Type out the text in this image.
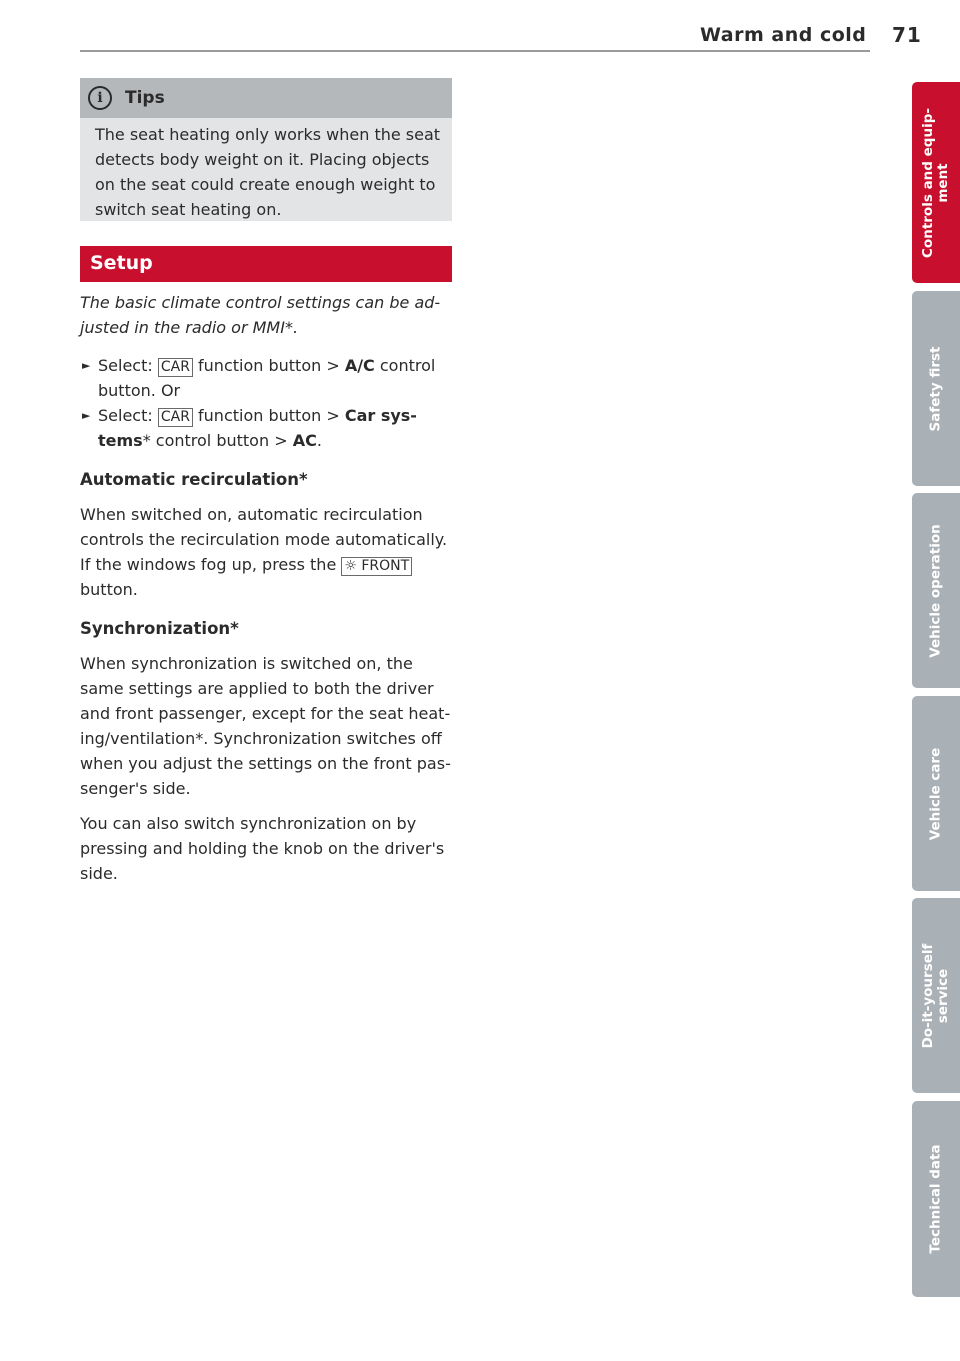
Warm and cold 71
i	Tips
The seat heating only works when the seat
detects body weight on it. Placing objects
on the seat could create enough weight to
switch seat heating on.
Setup
The basic climate control settings can be ad-
justed in the radio or MMI*.
► Select: CAR function button > A/C control
button. Or
► Select: CAR function button > Car sys-
tems* control button > AC.
Automatic recirculation*
When switched on, automatic recirculation
controls the recirculation mode automatically.
If the windows fog up, press the ☼ FRONT
button.
Synchronization*
When synchronization is switched on, the
same settings are applied to both the driver
and front passenger, except for the seat heat-
ing/ventilation*. Synchronization switches off
when you adjust the settings on the front pas-
senger's side.
You can also switch synchronization on by
pressing and holding the knob on the driver's
side.
Controls and equip- ment
Safety first
Vehicle operation
Vehicle care
Do-it-yourself service
Technical data
